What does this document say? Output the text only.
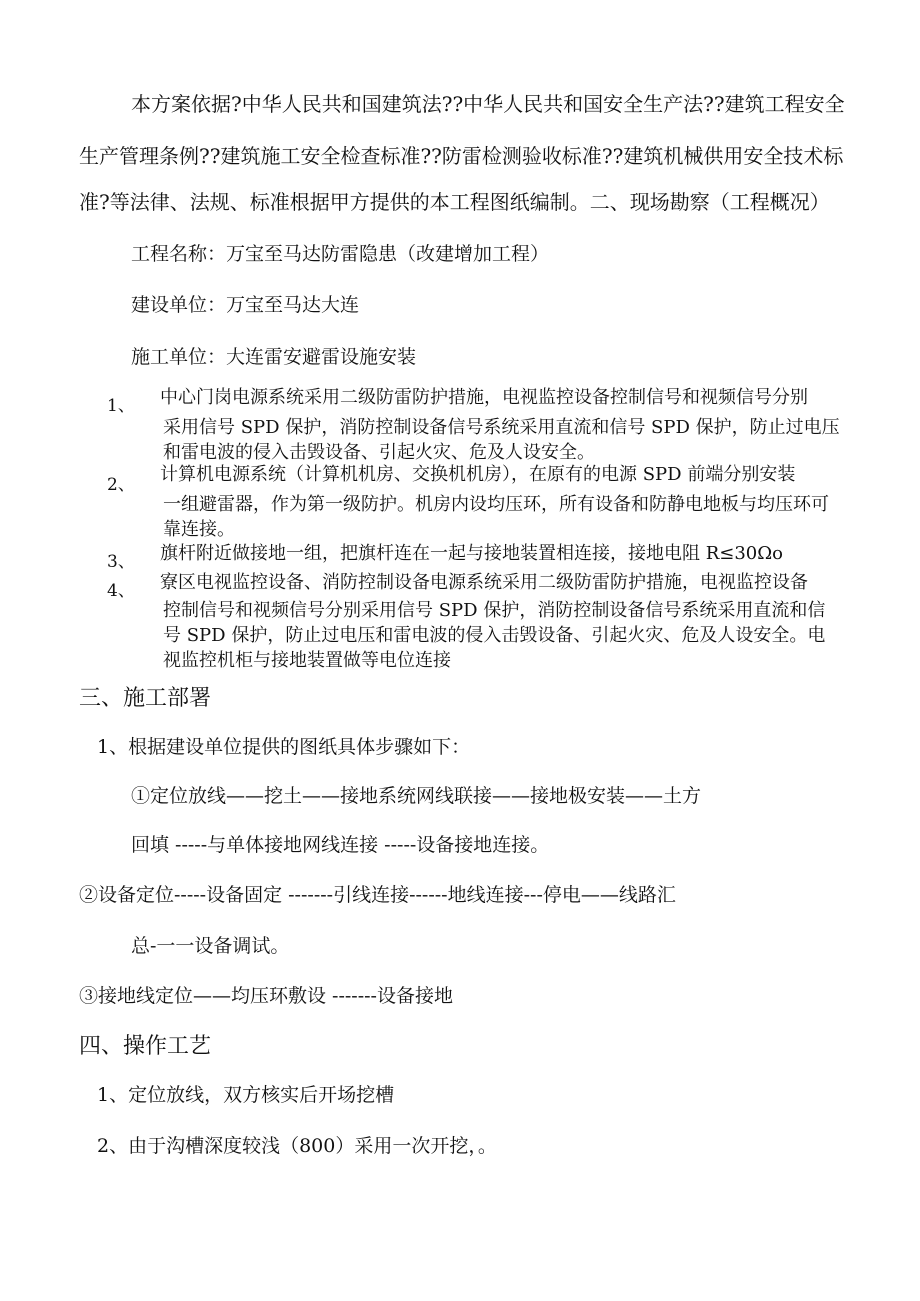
本方案依据?中华人民共和国建筑法??中华人民共和国安全生产法??建筑工程安全
生产管理条例??建筑施工安全检查标准??防雷检测验收标准??建筑机械供用安全技术标
准?等法律、法规、标准根据甲方提供的本工程图纸编制。二、现场勘察（工程概况）
工程名称：万宝至马达防雷隐患（改建增加工程）
建设单位：万宝至马达大连
施工单位：大连雷安避雷设施安装
1、 中心门岗电源系统采用二级防雷防护措施，电视监控设备控制信号和视频信号分别
采用信号 SPD 保护，消防控制设备信号系统采用直流和信号 SPD 保护，防止过电压
和雷电波的侵入击毁设备、引起火灾、危及人设安全。
2、 计算机电源系统（计算机机房、交换机机房），在原有的电源 SPD 前端分别安装
一组避雷器，作为第一级防护。机房内设均压环，所有设备和防静电地板与均压环可
靠连接。
3、 旗杆附近做接地一组，把旗杆连在一起与接地装置相连接，接地电阻 R≤30Ωo
4、 寮区电视监控设备、消防控制设备电源系统采用二级防雷防护措施，电视监控设备
控制信号和视频信号分别采用信号 SPD 保护，消防控制设备信号系统采用直流和信
号 SPD 保护，防止过电压和雷电波的侵入击毁设备、引起火灾、危及人设安全。电
视监控机柜与接地装置做等电位连接
三、施工部署
1、根据建设单位提供的图纸具体步骤如下：
①定位放线——挖土——接地系统网线联接——接地极安装——土方
回填 -----与单体接地网线连接 -----设备接地连接。
②设备定位-----设备固定 -------引线连接------地线连接---停电——线路汇
总-一一设备调试。
③接地线定位——均压环敷设 -------设备接地
四、操作工艺
1、定位放线，双方核实后开场挖槽
2、由于沟槽深度较浅（800）采用一次开挖，。
